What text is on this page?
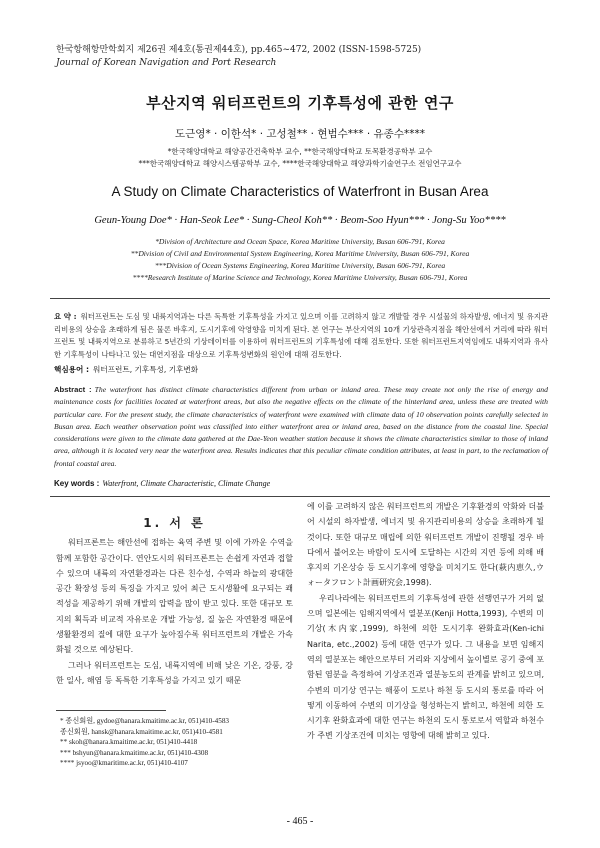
한국항해항만학회지 제26권 제4호(통권제44호), pp.465~472, 2002 (ISSN-1598-5725)
Journal of Korean Navigation and Port Research
부산지역 워터프런트의 기후특성에 관한 연구
도근영* · 이한석* · 고성철** · 현범수*** · 유종수****
*한국해양대학교 해양공간건축학부 교수, **한국해양대학교 토목환경공학부 교수
***한국해양대학교 해양시스템공학부 교수, ****한국해양대학교 해양과학기술연구소 전임연구교수
A Study on Climate Characteristics of Waterfront in Busan Area
Geun-Young Doe* · Han-Seok Lee* · Sung-Cheol Koh** · Beom-Soo Hyun*** · Jong-Su Yoo****
*Division of Architecture and Ocean Space, Korea Maritime University, Busan 606-791, Korea
**Division of Civil and Environmental System Engineering, Korea Maritime University, Busan 606-791, Korea
***Division of Ocean Systems Engineering, Korea Maritime University, Busan 606-791, Korea
****Research Institute of Marine Science and Technology, Korea Maritime University, Busan 606-791, Korea
요 약 : 워터프런트는 도심 및 내륙지역과는 다른 독특한 기후특성을 가지고 있으며 이를 고려하지 않고 개발할 경우 시설물의 하자발생, 에너지 및 유지관리비용의 상승을 초래하게 됨은 물론 바후지, 도시기후에 악영향을 미치게 된다. 본 연구는 부산지역의 10개 기상관측지점을 해안선에서 거리에 따라 워터프런트 및 내륙지역으로 분류하고 5년간의 기상데이터를 이용하여 워터프런트의 기후특성에 대해 검토한다. 또한 워터프런트지역임에도 내륙지역과 유사한 기후특성이 나타나고 있는 대연지점을 대상으로 기후특성변화의 원인에 대해 검토한다.
핵심용어 : 워터프런트, 기후특성, 기후변화
Abstract : The waterfront has distinct climate characteristics different from urban or inland area. These may create not only the rise of energy and maintenance costs for facilities located at waterfront areas, but also the negative effects on the climate of the hinterland area, unless these are treated with particular care. For the present study, the climate characteristics of waterfront were examined with climate data of 10 observation points carefully selected in Busan area. Each weather observation point was classified into either waterfront area or inland area, based on the distance from the coastal line. Special considerations were given to the climate data gathered at the Dae-Yeon weather station because it shows the climate characteristics similar to those of inland area, although it is located very near the waterfront area. Results indicates that this peculiar climate condition attributes, at least in part, to the reclamation of frontal coastal area.
Key words : Waterfront, Climate Characteristic, Climate Change
1. 서 론

워터프론트는 해안선에 접하는 육역 주변 및 이에 가까운 수역을 함께 포함한 공간이다. 연안도시의 워터프론트는 손쉽게 자연과 접할 수 있으며 내륙의 자연환경과는 다른 친수성, 수역과 하늘의 광대한 공간 확장성 등의 특징을 가지고 있어 최근 도시생활에 요구되는 쾌적성을 제공하기 위해 개발의 압력을 많이 받고 있다. 또한 대규모 토지의 획득과 비교적 자유로운 개발 가능성, 질 높은 자연환경 때문에 생활환경의 질에 대한 요구가 높아짐수록 워터프런트의 개발은 가속화될 것으로 예상된다.

그러나 워터프런트는 도심, 내륙지역에 비해 낮은 기온, 강풍, 강한 일사, 해염 등 독특한 기후특성을 가지고 있기 때문

에 이를 고려하지 않은 워터프런트의 개발은 기후환경의 악화와 더불어 시설의 하자발생, 에너지 및 유지관리비용의 상승을 초래하게 될 것이다. 또한 대규모 매립에 의한 워터프런트 개발이 진행될 경우 바다에서 불어오는 바람이 도시에 도달하는 시간의 지연 등에 의해 배후지의 기온상승 등 도시기후에 영향을 미치기도 한다(萩内恵久,ウォータフロント計画研究会,1998).

우리나라에는 워터프런트의 기후특성에 관한 선행연구가 거의 없으며 일본에는 임해지역에서 열분포(Kenji Hotta,1993), 수변의 미기상(木内家,1999), 하천에 의한 도시기후 완화효과(Ken-ichi Narita, etc.,2002) 등에 대한 연구가 있다. 그 내용을 보면 임해지역의 열분포는 해안으로부터 거리와 지상에서 높이별로 공기 중에 포함된 염분을 측정하여 기상조건과 열분농도의 관계를 밝히고 있으며, 수변의 미기상 연구는 해풍이 도로나 하천 등 도시의 통로를 따라 어떻게 이동하여 수변의 미기상을 형성하는지 밝히고, 하천에 의한 도시기후 완화효과에 대한 연구는 하천의 도시 통로로서 역할과 하천수가 주변 기상조건에 미치는 영향에 대해 밝히고 있다.

* 종신회원, gydoe@hanara.kmaitime.ac.kr, 051)410-4583
종신회원, hansk@hanara.kmaitime.ac.kr, 051)410-4581
** skoh@hanara.kmaitime.ac.kr, 051)410-4418
*** bshyun@hanara.kmaitime.ac.kr, 051)410-4308
**** jsyoo@kmaritime.ac.kr, 051)410-4107
- 465 -
